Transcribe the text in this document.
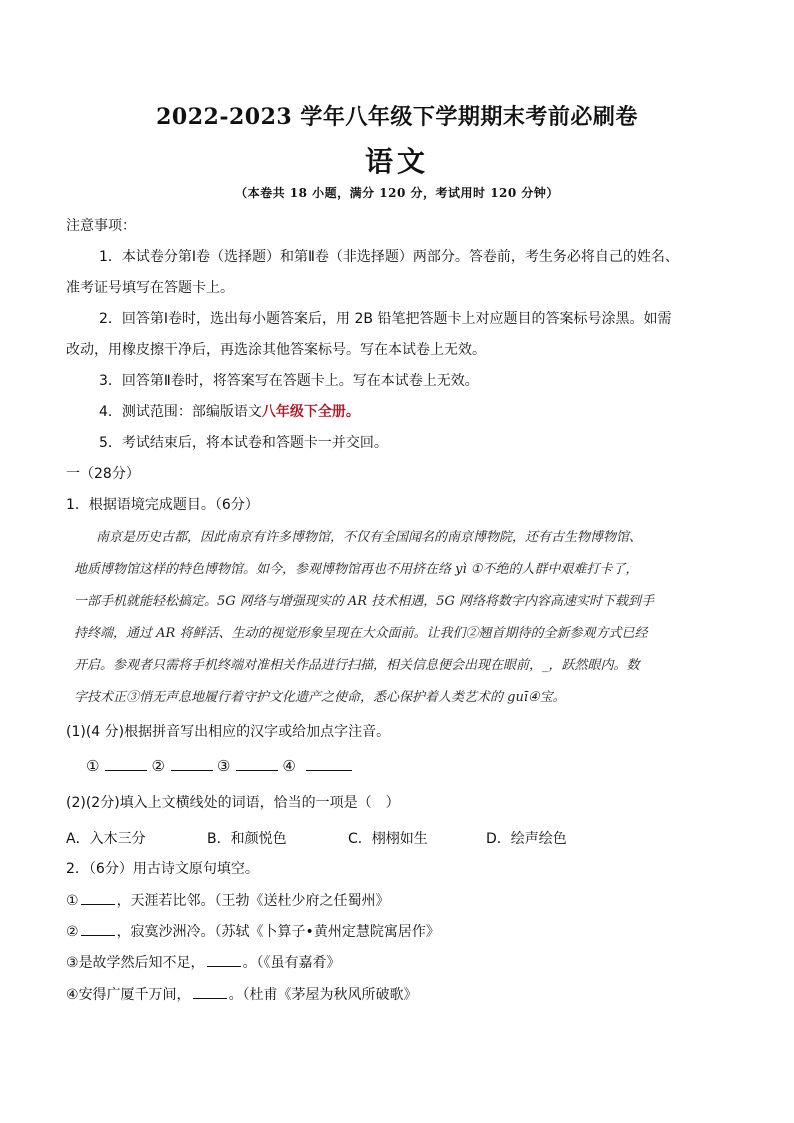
2022-2023 学年八年级下学期期末考前必刷卷
语文
（本卷共 18 小题，满分 120 分，考试用时 120 分钟）
注意事项：
1．本试卷分第Ⅰ卷（选择题）和第Ⅱ卷（非选择题）两部分。答卷前，考生务必将自己的姓名、
准考证号填写在答题卡上。
2．回答第Ⅰ卷时，选出每小题答案后，用 2B 铅笔把答题卡上对应题目的答案标号涂黑。如需
改动，用橡皮擦干净后，再选涂其他答案标号。写在本试卷上无效。
3．回答第Ⅱ卷时，将答案写在答题卡上。写在本试卷上无效。
4．测试范围：部编版语文八年级下全册。
5．考试结束后，将本试卷和答题卡一并交回。
一（28分）
1．根据语境完成题目。（6分）
南京是历史古都，因此南京有许多博物馆，不仅有全国闻名的南京博物院，还有古生物博物馆、
地质博物馆这样的特色博物馆。如今，参观博物馆再也不用挤在络 yì ①不绝的人群中艰难打卡了，
一部手机就能轻松搞定。5G 网络与增强现实的 AR 技术相遇，5G 网络将数字内容高速实时下载到手
持终端，通过 AR 将鲜活、生动的视觉形象呈现在大众面前。让我们②翘首期待的全新参观方式已经
开启。参观者只需将手机终端对准相关作品进行扫描，相关信息便会出现在眼前，_，跃然眼内。数
字技术正③悄无声息地履行着守护文化遗产之使命，悉心保护着人类艺术的 guī④宝。
(1)(4 分)根据拼音写出相应的汉字或给加点字注音。
①	②	③	④
(2)(2分)填入上文横线处的词语，恰当的一项是（　）
A．入木三分	B．和颜悦色	C．栩栩如生	D．绘声绘色
2．（6分）用古诗文原句填空。
①	，天涯若比邻。（王勃《送杜少府之任蜀州》
②	，寂寞沙洲冷。（苏轼《卜算子•黄州定慧院寓居作》
③是故学然后知不足，	。（《虽有嘉肴》
④安得广厦千万间，	。（杜甫《茅屋为秋风所破歌》
